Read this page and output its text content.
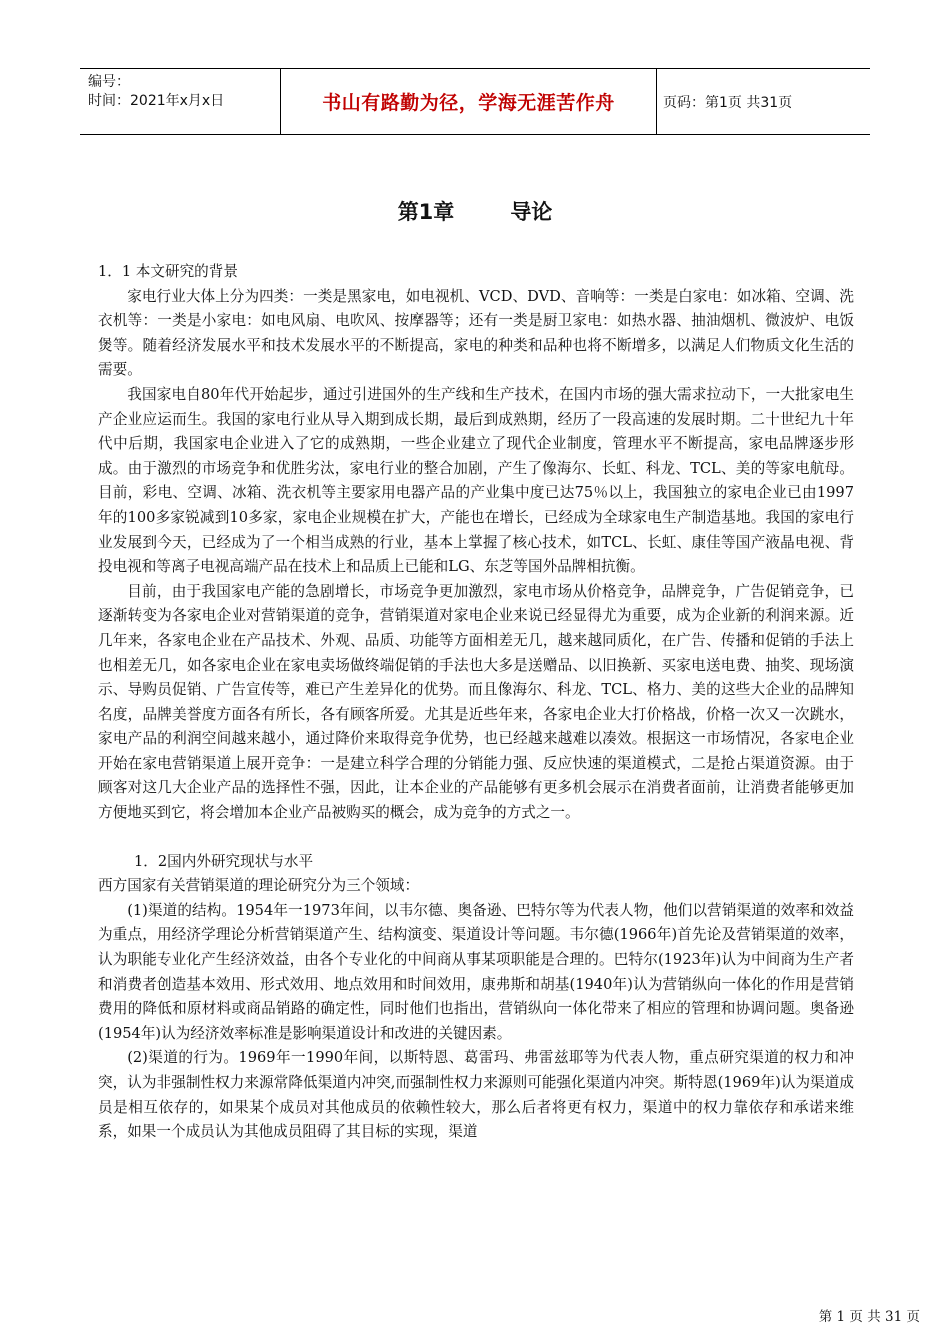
编号：
时间：2021年x月x日	书山有路勤为径，学海无涯苦作舟	页码：第1页 共31页
第1章	导论

1．1 本文研究的背景

家电行业大体上分为四类：一类是黑家电，如电视机、VCD、DVD、音响等：一类是白家电：如冰箱、空调、洗衣机等：一类是小家电：如电风扇、电吹风、按摩器等；还有一类是厨卫家电：如热水器、抽油烟机、微波炉、电饭煲等。随着经济发展水平和技术发展水平的不断提高，家电的种类和品种也将不断增多，以满足人们物质文化生活的需要。

我国家电自80年代开始起步，通过引进国外的生产线和生产技术，在国内市场的强大需求拉动下，一大批家电生产企业应运而生。我国的家电行业从导入期到成长期，最后到成熟期，经历了一段高速的发展时期。二十世纪九十年代中后期，我国家电企业进入了它的成熟期，一些企业建立了现代企业制度，管理水平不断提高，家电品牌逐步形成。由于激烈的市场竞争和优胜劣汰，家电行业的整合加剧，产生了像海尔、长虹、科龙、TCL、美的等家电航母。目前，彩电、空调、冰箱、洗衣机等主要家用电器产品的产业集中度已达75％以上，我国独立的家电企业已由1997年的100多家锐减到10多家，家电企业规模在扩大，产能也在增长，已经成为全球家电生产制造基地。我国的家电行业发展到今天，已经成为了一个相当成熟的行业，基本上掌握了核心技术，如TCL、长虹、康佳等国产液晶电视、背投电视和等离子电视高端产品在技术上和品质上已能和LG、东芝等国外品牌相抗衡。

目前，由于我国家电产能的急剧增长，市场竞争更加激烈，家电市场从价格竞争，品牌竞争，广告促销竞争，已逐渐转变为各家电企业对营销渠道的竞争，营销渠道对家电企业来说已经显得尤为重要，成为企业新的利润来源。近几年来，各家电企业在产品技术、外观、品质、功能等方面相差无几，越来越同质化，在广告、传播和促销的手法上也相差无几，如各家电企业在家电卖场做终端促销的手法也大多是送赠品、以旧换新、买家电送电费、抽奖、现场演示、导购员促销、广告宣传等，难已产生差异化的优势。而且像海尔、科龙、TCL、格力、美的这些大企业的品牌知名度，品牌美誉度方面各有所长，各有顾客所爱。尤其是近些年来，各家电企业大打价格战，价格一次又一次跳水，家电产品的利润空间越来越小，通过降价来取得竞争优势，也已经越来越难以凑效。根据这一市场情况，各家电企业开始在家电营销渠道上展开竞争：一是建立科学合理的分销能力强、反应快速的渠道模式，二是抢占渠道资源。由于顾客对这几大企业产品的选择性不强，因此，让本企业的产品能够有更多机会展示在消费者面前，让消费者能够更加方便地买到它，将会增加本企业产品被购买的概会，成为竞争的方式之一。

1．2国内外研究现状与水平

西方国家有关营销渠道的理论研究分为三个领域：

(1)渠道的结构。1954年一1973年间，以韦尔德、奥备逊、巴特尔等为代表人物，他们以营销渠道的效率和效益为重点，用经济学理论分析营销渠道产生、结构演变、渠道设计等问题。韦尔德(1966年)首先论及营销渠道的效率，认为职能专业化产生经济效益，由各个专业化的中间商从事某项职能是合理的。巴特尔(1923年)认为中间商为生产者和消费者创造基本效用、形式效用、地点效用和时间效用，康弗斯和胡基(1940年)认为营销纵向一体化的作用是营销费用的降低和原材料或商品销路的确定性，同时他们也指出，营销纵向一体化带来了相应的管理和协调问题。奥备逊(1954年)认为经济效率标准是影响渠道设计和改进的关键因素。

(2)渠道的行为。1969年一1990年间，以斯特恩、葛雷玛、弗雷兹耶等为代表人物，重点研究渠道的权力和冲突，认为非强制性权力来源常降低渠道内冲突,而强制性权力来源则可能强化渠道内冲突。斯特恩(1969年)认为渠道成员是相互依存的，如果某个成员对其他成员的依赖性较大，那么后者将更有权力，渠道中的权力靠依存和承诺来维系，如果一个成员认为其他成员阻碍了其目标的实现，渠道

第 1 页 共 31 页
